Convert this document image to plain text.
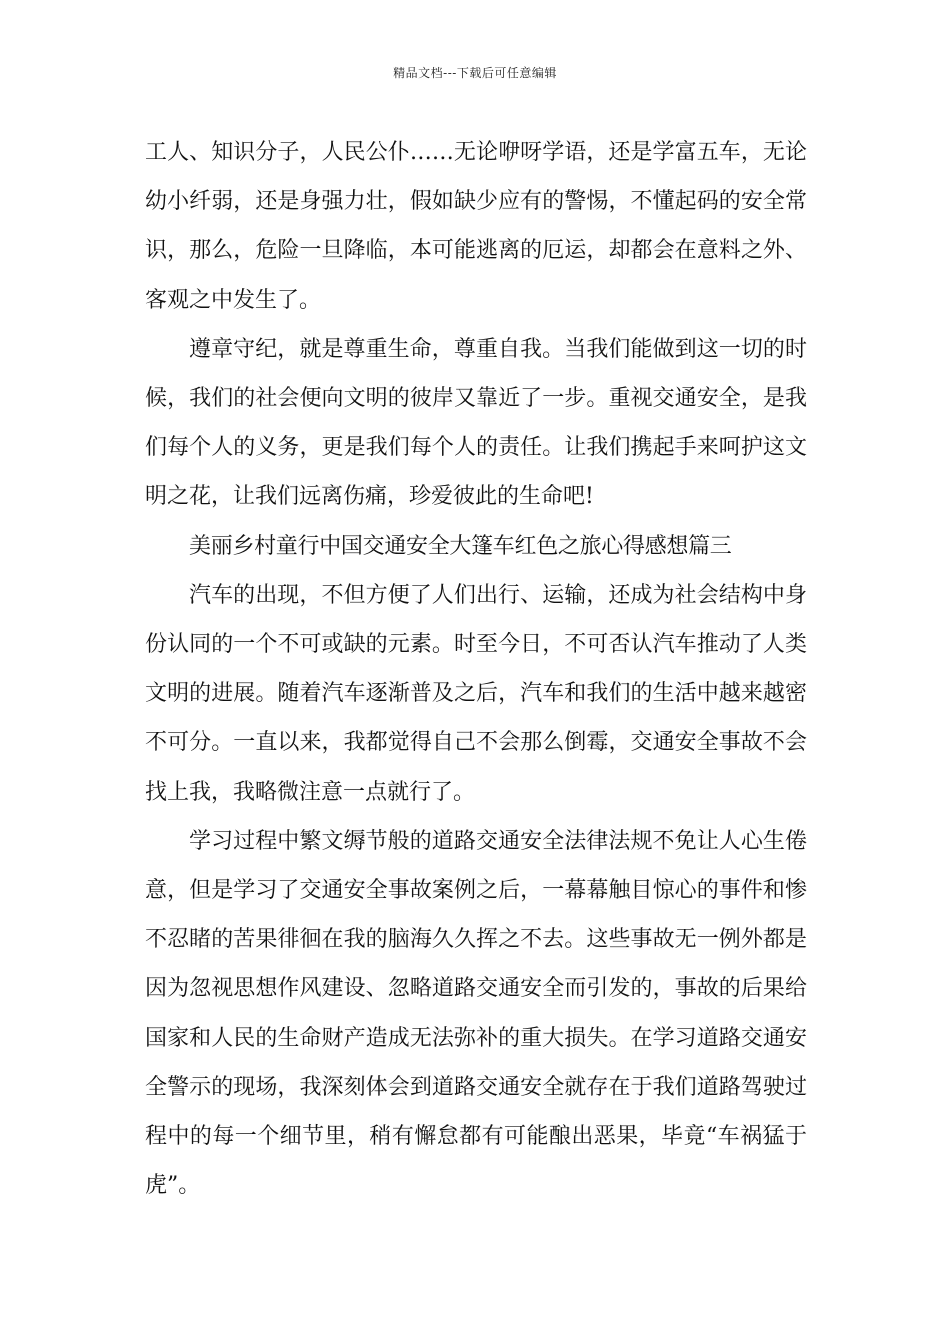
精品文档---下载后可任意编辑

工人、知识分子，人民公仆……无论咿呀学语，还是学富五车，无论幼小纤弱，还是身强力壮，假如缺少应有的警惕，不懂起码的安全常识，那么，危险一旦降临，本可能逃离的厄运，却都会在意料之外、客观之中发生了。

遵章守纪，就是尊重生命，尊重自我。当我们能做到这一切的时候，我们的社会便向文明的彼岸又靠近了一步。重视交通安全，是我们每个人的义务，更是我们每个人的责任。让我们携起手来呵护这文明之花，让我们远离伤痛，珍爱彼此的生命吧!

美丽乡村童行中国交通安全大篷车红色之旅心得感想篇三

汽车的出现，不但方便了人们出行、运输，还成为社会结构中身份认同的一个不可或缺的元素。时至今日，不可否认汽车推动了人类文明的进展。随着汽车逐渐普及之后，汽车和我们的生活中越来越密不可分。一直以来，我都觉得自己不会那么倒霉，交通安全事故不会找上我，我略微注意一点就行了。

学习过程中繁文缛节般的道路交通安全法律法规不免让人心生倦意，但是学习了交通安全事故案例之后，一幕幕触目惊心的事件和惨不忍睹的苦果徘徊在我的脑海久久挥之不去。这些事故无一例外都是因为忽视思想作风建设、忽略道路交通安全而引发的，事故的后果给国家和人民的生命财产造成无法弥补的重大损失。在学习道路交通安全警示的现场，我深刻体会到道路交通安全就存在于我们道路驾驶过程中的每一个细节里，稍有懈怠都有可能酿出恶果，毕竟“车祸猛于虎”。
